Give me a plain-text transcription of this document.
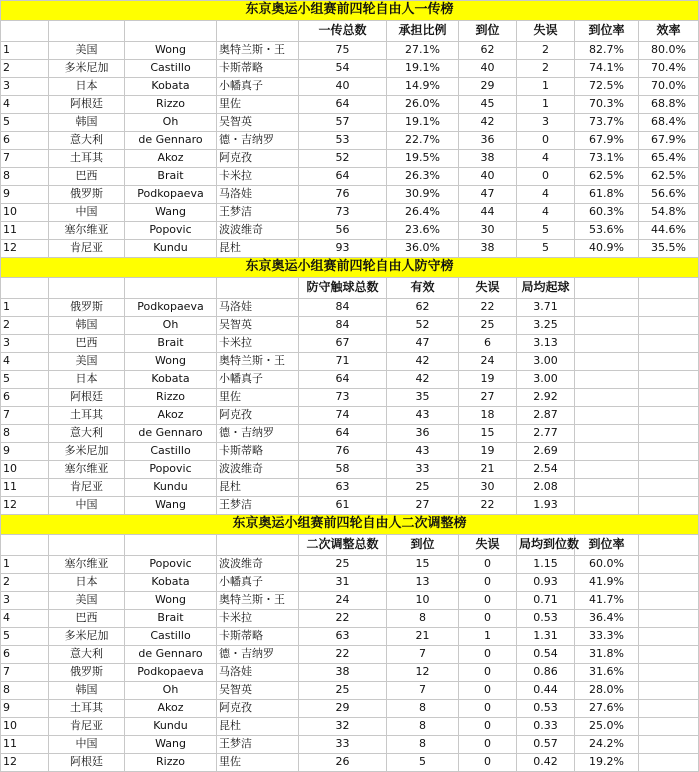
东京奥运小组赛前四轮自由人一传榜									
				一传总数	承担比例	到位	失误	到位率	效率
1	美国	Wong	奥特兰斯・王	75	27.1%	62	2	82.7%	80.0%
2	多米尼加	Castillo	卡斯蒂略	54	19.1%	40	2	74.1%	70.4%
3	日本	Kobata	小幡真子	40	14.9%	29	1	72.5%	70.0%
4	阿根廷	Rizzo	里佐	64	26.0%	45	1	70.3%	68.8%
5	韩国	Oh	吴智英	57	19.1%	42	3	73.7%	68.4%
6	意大利	de Gennaro	德・吉纳罗	53	22.7%	36	0	67.9%	67.9%
7	土耳其	Akoz	阿克孜	52	19.5%	38	4	73.1%	65.4%
8	巴西	Brait	卡米拉	64	26.3%	40	0	62.5%	62.5%
9	俄罗斯	Podkopaeva	马洛娃	76	30.9%	47	4	61.8%	56.6%
10	中国	Wang	王梦洁	73	26.4%	44	4	60.3%	54.8%
11	塞尔维亚	Popovic	波波维奇	56	23.6%	30	5	53.6%	44.6%
12	肯尼亚	Kundu	昆杜	93	36.0%	38	5	40.9%	35.5%
东京奥运小组赛前四轮自由人防守榜									
				防守触球总数	有效	失误	局均起球		
1	俄罗斯	Podkopaeva	马洛娃	84	62	22	3.71		
2	韩国	Oh	吴智英	84	52	25	3.25		
3	巴西	Brait	卡米拉	67	47	6	3.13		
4	美国	Wong	奥特兰斯・王	71	42	24	3.00		
5	日本	Kobata	小幡真子	64	42	19	3.00		
6	阿根廷	Rizzo	里佐	73	35	27	2.92		
7	土耳其	Akoz	阿克孜	74	43	18	2.87		
8	意大利	de Gennaro	德・吉纳罗	64	36	15	2.77		
9	多米尼加	Castillo	卡斯蒂略	76	43	19	2.69		
10	塞尔维亚	Popovic	波波维奇	58	33	21	2.54		
11	肯尼亚	Kundu	昆杜	63	25	30	2.08		
12	中国	Wang	王梦洁	61	27	22	1.93		
东京奥运小组赛前四轮自由人二次调整榜									
				二次调整总数	到位	失误	局均到位数	到位率	
1	塞尔维亚	Popovic	波波维奇	25	15	0	1.15	60.0%	
2	日本	Kobata	小幡真子	31	13	0	0.93	41.9%	
3	美国	Wong	奥特兰斯・王	24	10	0	0.71	41.7%	
4	巴西	Brait	卡米拉	22	8	0	0.53	36.4%	
5	多米尼加	Castillo	卡斯蒂略	63	21	1	1.31	33.3%	
6	意大利	de Gennaro	德・吉纳罗	22	7	0	0.54	31.8%	
7	俄罗斯	Podkopaeva	马洛娃	38	12	0	0.86	31.6%	
8	韩国	Oh	吴智英	25	7	0	0.44	28.0%	
9	土耳其	Akoz	阿克孜	29	8	0	0.53	27.6%	
10	肯尼亚	Kundu	昆杜	32	8	0	0.33	25.0%	
11	中国	Wang	王梦洁	33	8	0	0.57	24.2%	
12	阿根廷	Rizzo	里佐	26	5	0	0.42	19.2%	
